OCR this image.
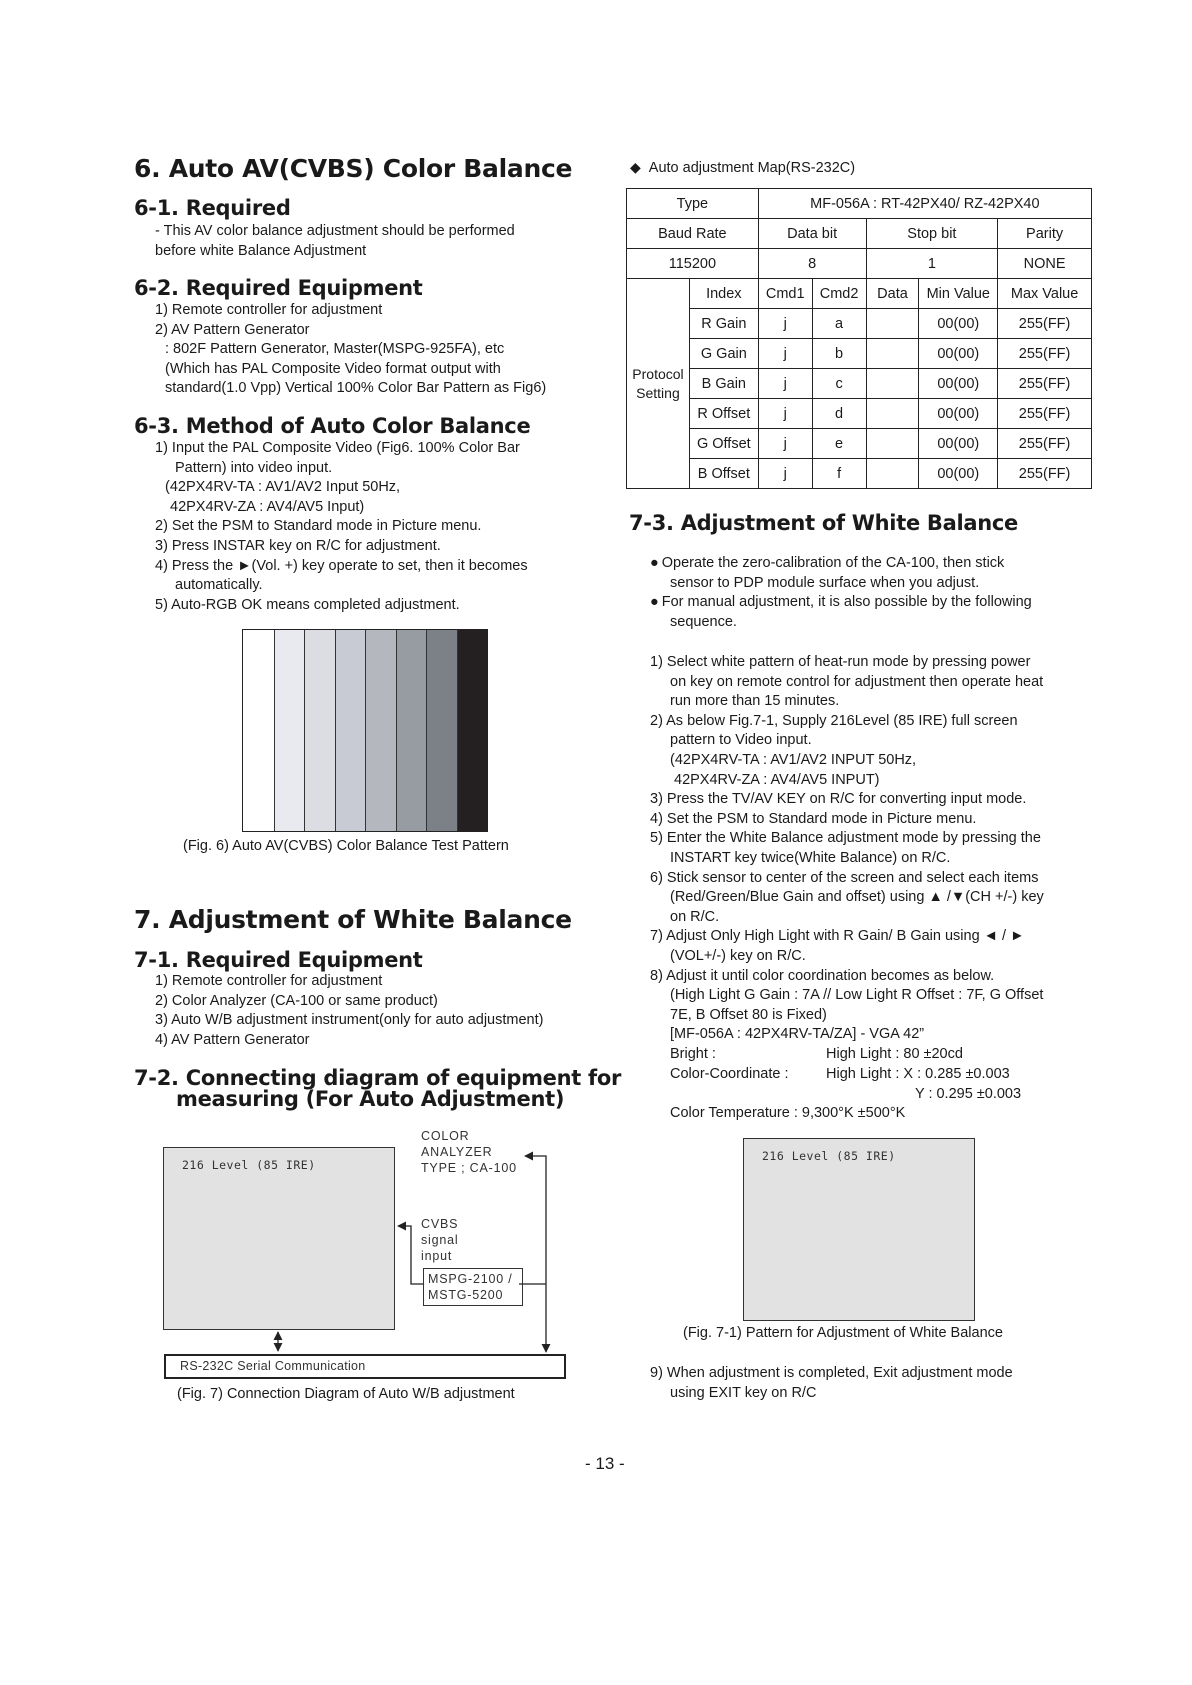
6. Auto AV(CVBS) Color Balance
6-1. Required
- This AV color balance adjustment should be performed
before white Balance Adjustment
6-2. Required Equipment
1) Remote controller for adjustment
2) AV Pattern Generator
: 802F Pattern Generator, Master(MSPG-925FA), etc
(Which has PAL Composite Video format output with
standard(1.0 Vpp) Vertical 100% Color Bar Pattern as Fig6)
6-3. Method of Auto Color Balance
1) Input the PAL Composite Video (Fig6. 100% Color Bar
Pattern) into video input.
(42PX4RV-TA : AV1/AV2 Input 50Hz,
42PX4RV-ZA : AV4/AV5 Input)
2) Set the PSM to Standard mode in Picture menu.
3) Press INSTAR key on R/C for adjustment.
4) Press the ►(Vol. +) key operate to set, then it becomes
automatically.
5) Auto-RGB OK means completed adjustment.
(Fig. 6) Auto AV(CVBS) Color Balance Test Pattern
7. Adjustment of White Balance
7-1. Required Equipment
1) Remote controller for adjustment
2) Color Analyzer (CA-100 or same product)
3) Auto W/B adjustment instrument(only for auto adjustment)
4) AV Pattern Generator
7-2. Connecting diagram of equipment for
measuring (For Auto Adjustment)
216 Level (85 IRE)
COLOR
ANALYZER
TYPE ; CA-100
CVBS
signal
input
MSPG-2100 /
MSTG-5200
RS-232C Serial Communication
(Fig. 7) Connection Diagram of Auto W/B adjustment
◆ Auto adjustment Map(RS-232C)
Type		MF-056A : RT-42PX40/ RZ-42PX40				
Baud Rate		Data bit		Stop bit		Parity
115200		8		1		NONE

Protocol
Setting	Index	Cmd1	Cmd2	Data	Min Value	Max Value
	R Gain	j	a		00(00)	255(FF)
	G Gain	j	b		00(00)	255(FF)
	B Gain	j	c		00(00)	255(FF)
	R Offset	j	d		00(00)	255(FF)
	G Offset	j	e		00(00)	255(FF)
	B Offset	j	f		00(00)	255(FF)
7-3. Adjustment of White Balance
● Operate the zero-calibration of the CA-100, then stick
sensor to PDP module surface when you adjust.
● For manual adjustment, it is also possible by the following
sequence.
1) Select white pattern of heat-run mode by pressing power
on key on remote control for adjustment then operate heat
run more than 15 minutes.
2) As below Fig.7-1, Supply 216Level (85 IRE) full screen
pattern to Video input.
(42PX4RV-TA : AV1/AV2 INPUT 50Hz,
42PX4RV-ZA : AV4/AV5 INPUT)
3) Press the TV/AV KEY on R/C for converting input mode.
4) Set the PSM to Standard mode in Picture menu.
5) Enter the White Balance adjustment mode by pressing the
INSTART key twice(White Balance) on R/C.
6) Stick sensor to center of the screen and select each items
(Red/Green/Blue Gain and offset) using ▲ /▼(CH +/-) key
on R/C.
7) Adjust Only High Light with R Gain/ B Gain using ◄ / ►
(VOL+/-) key on R/C.
8) Adjust it until color coordination becomes as below.
(High Light G Gain : 7A // Low Light R Offset : 7F, G Offset
7E, B Offset 80 is Fixed)
[MF-056A : 42PX4RV-TA/ZA] - VGA 42”
Bright :	High Light : 80 ±20cd
Color-Coordinate :	High Light : X : 0.285 ±0.003
Y : 0.295 ±0.003
Color Temperature : 9,300°K ±500°K
216 Level (85 IRE)
(Fig. 7-1) Pattern for Adjustment of White Balance
9) When adjustment is completed, Exit adjustment mode
using EXIT key on R/C
- 13 -
